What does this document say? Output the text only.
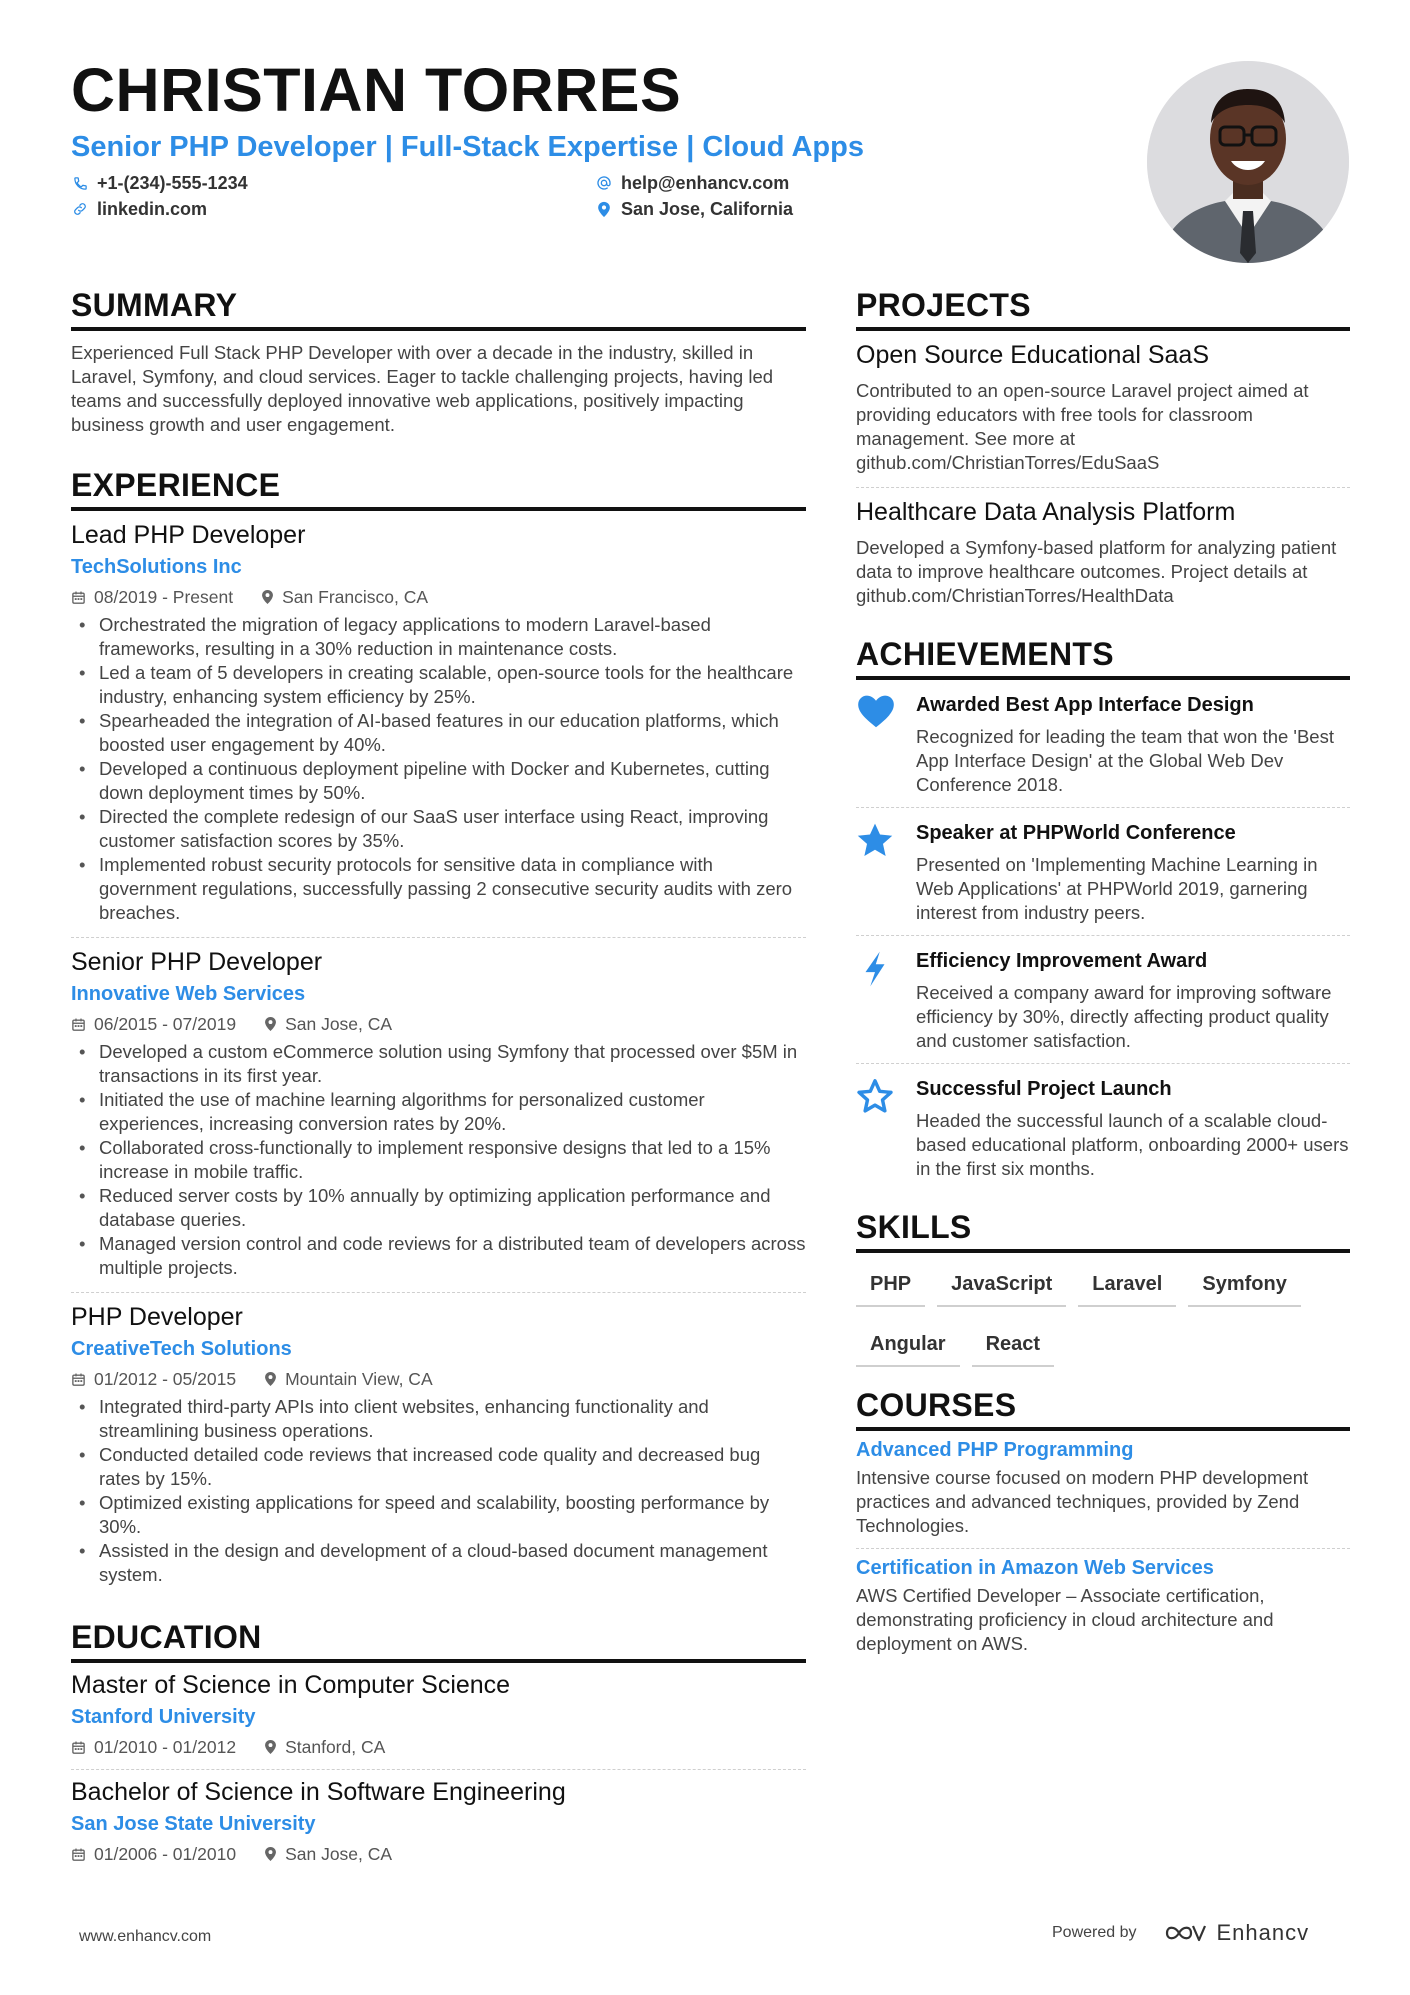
CHRISTIAN TORRES
Senior PHP Developer | Full-Stack Expertise | Cloud Apps
+1-(234)-555-1234	help@enhancv.com
linkedin.com	San Jose, California
SUMMARY
Experienced Full Stack PHP Developer with over a decade in the industry, skilled in Laravel, Symfony, and cloud services. Eager to tackle challenging projects, having led teams and successfully deployed innovative web applications, positively impacting business growth and user engagement.
EXPERIENCE
Lead PHP Developer
TechSolutions Inc
08/2019 - Present	San Francisco, CA
• Orchestrated the migration of legacy applications to modern Laravel-based frameworks, resulting in a 30% reduction in maintenance costs.
• Led a team of 5 developers in creating scalable, open-source tools for the healthcare industry, enhancing system efficiency by 25%.
• Spearheaded the integration of AI-based features in our education platforms, which boosted user engagement by 40%.
• Developed a continuous deployment pipeline with Docker and Kubernetes, cutting down deployment times by 50%.
• Directed the complete redesign of our SaaS user interface using React, improving customer satisfaction scores by 35%.
• Implemented robust security protocols for sensitive data in compliance with government regulations, successfully passing 2 consecutive security audits with zero breaches.
Senior PHP Developer
Innovative Web Services
06/2015 - 07/2019	San Jose, CA
• Developed a custom eCommerce solution using Symfony that processed over $5M in transactions in its first year.
• Initiated the use of machine learning algorithms for personalized customer experiences, increasing conversion rates by 20%.
• Collaborated cross-functionally to implement responsive designs that led to a 15% increase in mobile traffic.
• Reduced server costs by 10% annually by optimizing application performance and database queries.
• Managed version control and code reviews for a distributed team of developers across multiple projects.
PHP Developer
CreativeTech Solutions
01/2012 - 05/2015	Mountain View, CA
• Integrated third-party APIs into client websites, enhancing functionality and streamlining business operations.
• Conducted detailed code reviews that increased code quality and decreased bug rates by 15%.
• Optimized existing applications for speed and scalability, boosting performance by 30%.
• Assisted in the design and development of a cloud-based document management system.
EDUCATION
Master of Science in Computer Science
Stanford University
01/2010 - 01/2012	Stanford, CA
Bachelor of Science in Software Engineering
San Jose State University
01/2006 - 01/2010	San Jose, CA
PROJECTS
Open Source Educational SaaS
Contributed to an open-source Laravel project aimed at providing educators with free tools for classroom management. See more at github.com/ChristianTorres/EduSaaS
Healthcare Data Analysis Platform
Developed a Symfony-based platform for analyzing patient data to improve healthcare outcomes. Project details at github.com/ChristianTorres/HealthData
ACHIEVEMENTS
Awarded Best App Interface Design
Recognized for leading the team that won the 'Best App Interface Design' at the Global Web Dev Conference 2018.
Speaker at PHPWorld Conference
Presented on 'Implementing Machine Learning in Web Applications' at PHPWorld 2019, garnering interest from industry peers.
Efficiency Improvement Award
Received a company award for improving software efficiency by 30%, directly affecting product quality and customer satisfaction.
Successful Project Launch
Headed the successful launch of a scalable cloud-based educational platform, onboarding 2000+ users in the first six months.
SKILLS
PHP	JavaScript	Laravel	Symfony
Angular	React
COURSES
Advanced PHP Programming
Intensive course focused on modern PHP development practices and advanced techniques, provided by Zend Technologies.
Certification in Amazon Web Services
AWS Certified Developer – Associate certification, demonstrating proficiency in cloud architecture and deployment on AWS.
www.enhancv.com	Powered by	Enhancv
